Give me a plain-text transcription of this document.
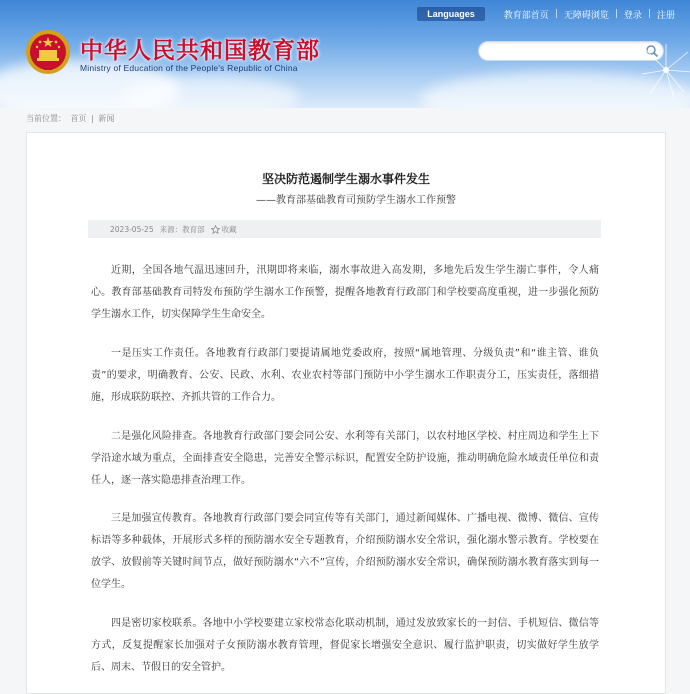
Languages	教育部首页 | 无障碍浏览 | 登录 | 注册
中华人民共和国教育部
Ministry of Education of the People's Republic of China
当前位置： 首页 | 新闻
坚决防范遏制学生溺水事件发生
——教育部基础教育司预防学生溺水工作预警
2023-05-25 来源：教育部 收藏

近期，全国各地气温迅速回升，汛期即将来临，溺水事故进入高发期，多地先后发生学生溺亡事件，令人痛心。教育部基础教育司特发布预防学生溺水工作预警，提醒各地教育行政部门和学校要高度重视，进一步强化预防学生溺水工作，切实保障学生生命安全。

一是压实工作责任。各地教育行政部门要提请属地党委政府，按照“属地管理、分级负责”和“谁主管、谁负责”的要求，明确教育、公安、民政、水利、农业农村等部门预防中小学生溺水工作职责分工，压实责任，落细措施，形成联防联控、齐抓共管的工作合力。

二是强化风险排查。各地教育行政部门要会同公安、水利等有关部门，以农村地区学校、村庄周边和学生上下学沿途水域为重点，全面排查安全隐患，完善安全警示标识，配置安全防护设施，推动明确危险水域责任单位和责任人，逐一落实隐患排查治理工作。

三是加强宣传教育。各地教育行政部门要会同宣传等有关部门，通过新闻媒体、广播电视、微博、微信、宣传标语等多种载体，开展形式多样的预防溺水安全专题教育，介绍预防溺水安全常识，强化溺水警示教育。学校要在放学、放假前等关键时间节点，做好预防溺水“六不”宣传，介绍预防溺水安全常识，确保预防溺水教育落实到每一位学生。

四是密切家校联系。各地中小学校要建立家校常态化联动机制，通过发放致家长的一封信、手机短信、微信等方式，反复提醒家长加强对子女预防溺水教育管理，督促家长增强安全意识、履行监护职责，切实做好学生放学后、周末、节假日的安全管护。
